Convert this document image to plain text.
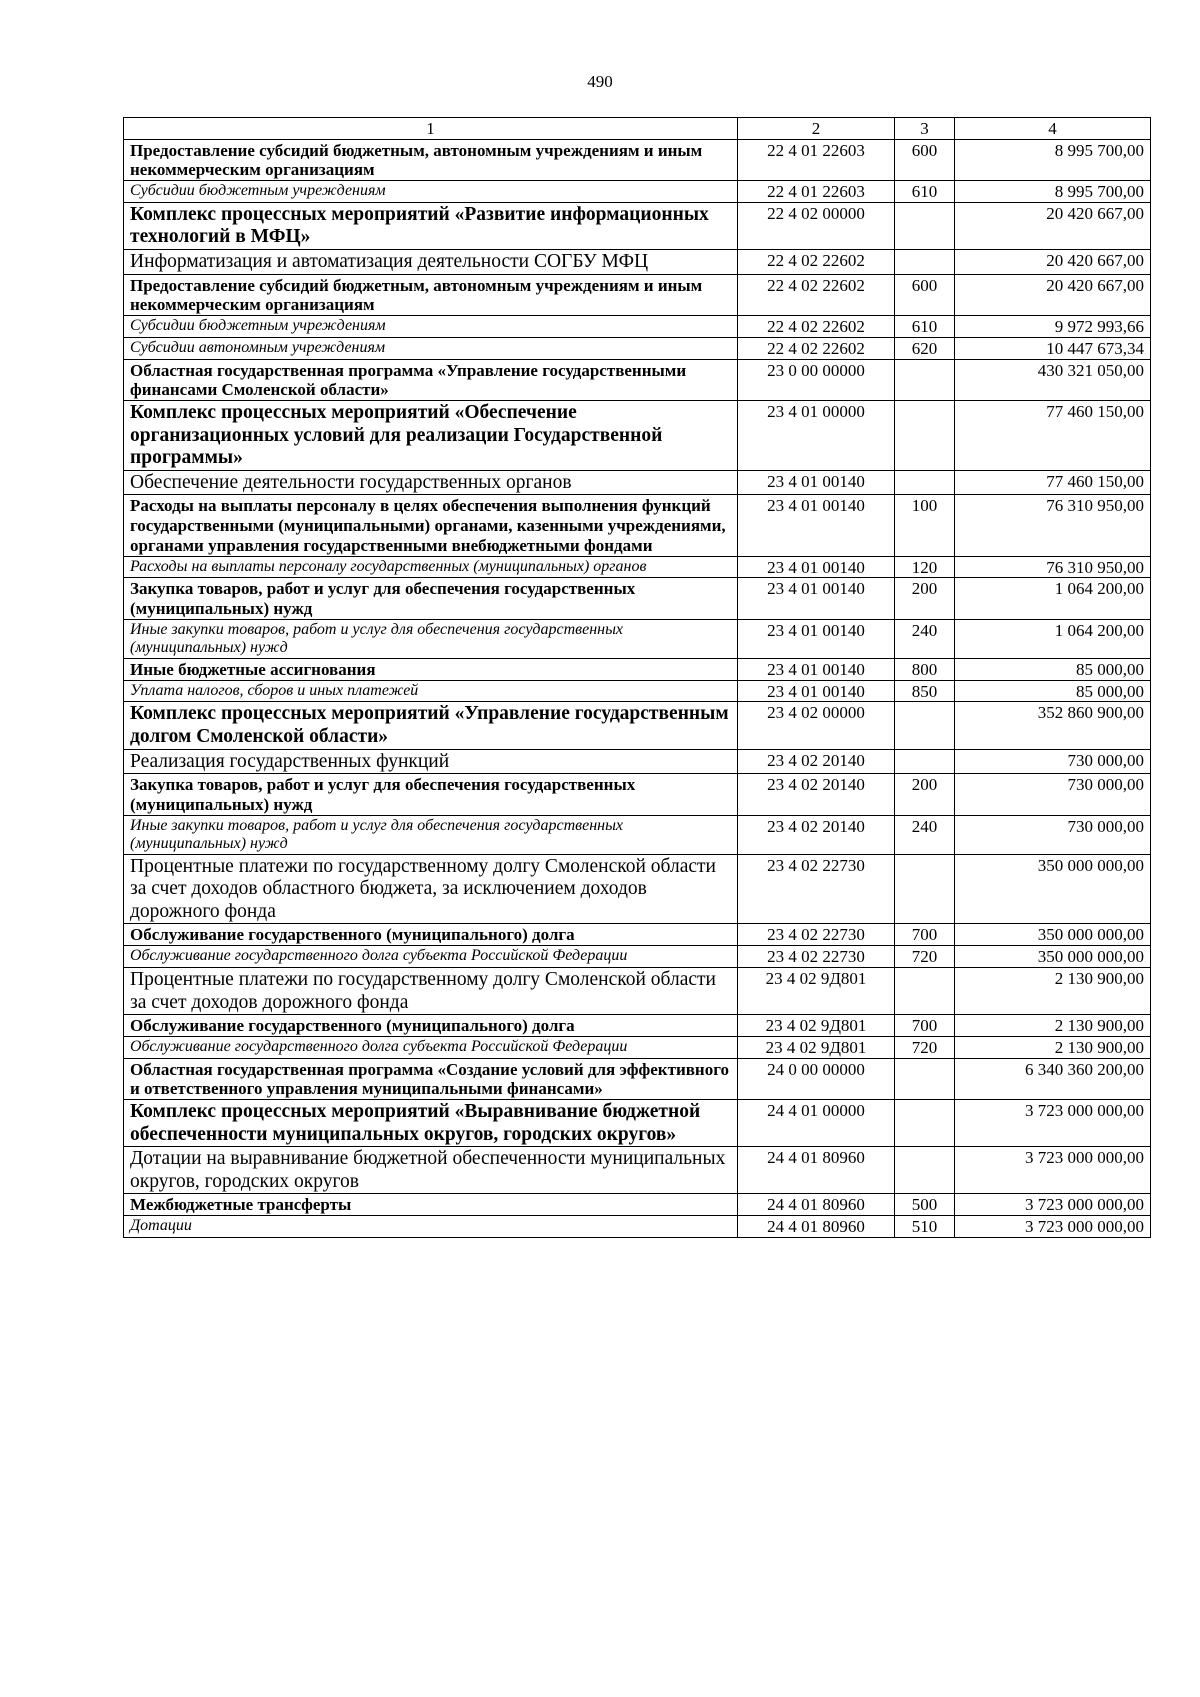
490
1	2	3	4
Предоставление субсидий бюджетным, автономным учреждениям и иным некоммерческим организациям	22 4 01 22603	600	8 995 700,00
Субсидии бюджетным учреждениям	22 4 01 22603	610	8 995 700,00
Комплекс процессных мероприятий «Развитие информационных технологий в МФЦ»	22 4 02 00000		20 420 667,00
Информатизация и автоматизация деятельности СОГБУ МФЦ	22 4 02 22602		20 420 667,00
Предоставление субсидий бюджетным, автономным учреждениям и иным некоммерческим организациям	22 4 02 22602	600	20 420 667,00
Субсидии бюджетным учреждениям	22 4 02 22602	610	9 972 993,66
Субсидии автономным учреждениям	22 4 02 22602	620	10 447 673,34
Областная государственная программа «Управление государственными финансами Смоленской области»	23 0 00 00000		430 321 050,00
Комплекс процессных мероприятий «Обеспечение организационных условий для реализации Государственной программы»	23 4 01 00000		77 460 150,00
Обеспечение деятельности государственных органов	23 4 01 00140		77 460 150,00
Расходы на выплаты персоналу в целях обеспечения выполнения функций государственными (муниципальными) органами, казенными учреждениями, органами управления государственными внебюджетными фондами	23 4 01 00140	100	76 310 950,00
Расходы на выплаты персоналу государственных (муниципальных) органов	23 4 01 00140	120	76 310 950,00
Закупка товаров, работ и услуг для обеспечения государственных (муниципальных) нужд	23 4 01 00140	200	1 064 200,00
Иные закупки товаров, работ и услуг для обеспечения государственных (муниципальных) нужд	23 4 01 00140	240	1 064 200,00
Иные бюджетные ассигнования	23 4 01 00140	800	85 000,00
Уплата налогов, сборов и иных платежей	23 4 01 00140	850	85 000,00
Комплекс процессных мероприятий «Управление государственным долгом Смоленской области»	23 4 02 00000		352 860 900,00
Реализация государственных функций	23 4 02 20140		730 000,00
Закупка товаров, работ и услуг для обеспечения государственных (муниципальных) нужд	23 4 02 20140	200	730 000,00
Иные закупки товаров, работ и услуг для обеспечения государственных (муниципальных) нужд	23 4 02 20140	240	730 000,00
Процентные платежи по государственному долгу Смоленской области за счет доходов областного бюджета, за исключением доходов дорожного фонда	23 4 02 22730		350 000 000,00
Обслуживание государственного (муниципального) долга	23 4 02 22730	700	350 000 000,00
Обслуживание государственного долга субъекта Российской Федерации	23 4 02 22730	720	350 000 000,00
Процентные платежи по государственному долгу Смоленской области за счет доходов дорожного фонда	23 4 02 9Д801		2 130 900,00
Обслуживание государственного (муниципального) долга	23 4 02 9Д801	700	2 130 900,00
Обслуживание государственного долга субъекта Российской Федерации	23 4 02 9Д801	720	2 130 900,00
Областная государственная программа «Создание условий для эффективного и ответственного управления муниципальными финансами»	24 0 00 00000		6 340 360 200,00
Комплекс процессных мероприятий «Выравнивание бюджетной обеспеченности муниципальных округов, городских округов»	24 4 01 00000		3 723 000 000,00
Дотации на выравнивание бюджетной обеспеченности муниципальных округов, городских округов	24 4 01 80960		3 723 000 000,00
Межбюджетные трансферты	24 4 01 80960	500	3 723 000 000,00
Дотации	24 4 01 80960	510	3 723 000 000,00
